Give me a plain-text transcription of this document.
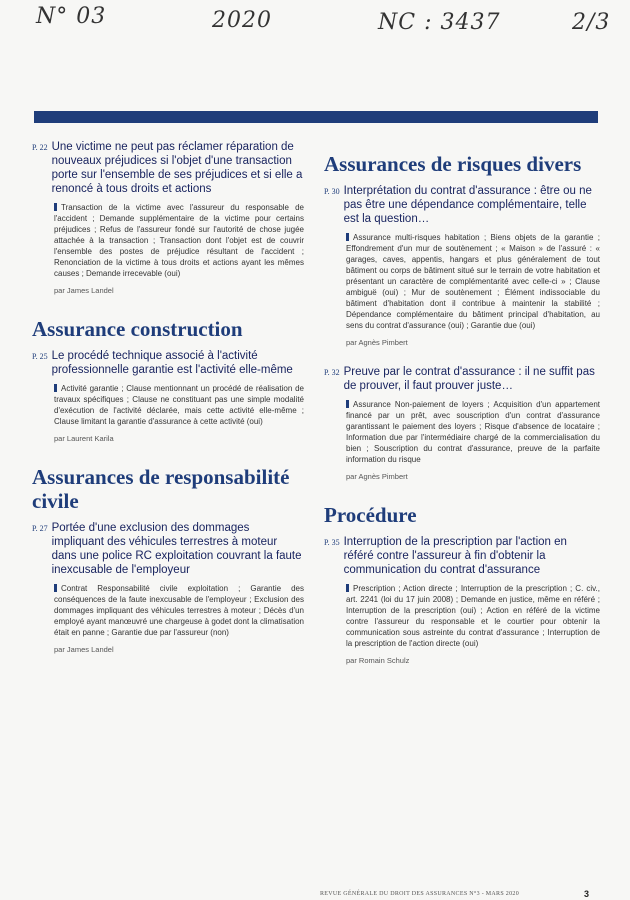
N° 03	2020	NC : 3437	2/3
P. 22 Une victime ne peut pas réclamer réparation de nouveaux préjudices si l'objet d'une transaction porte sur l'ensemble de ses préjudices et si elle a renoncé à tous droits et actions
Transaction de la victime avec l'assureur du responsable de l'accident ; Demande supplémentaire de la victime pour certains préjudices ; Refus de l'assureur fondé sur l'autorité de chose jugée attachée à la transaction ; Transaction dont l'objet est de couvrir l'ensemble des postes de préjudice résultant de l'accident ; Renonciation de la victime à tous droits et actions ayant les mêmes causes ; Demande irrecevable (oui)
par James Landel
Assurance construction
P. 25 Le procédé technique associé à l'activité professionnelle garantie est l'activité elle-même
Activité garantie ; Clause mentionnant un procédé de réalisation de travaux spécifiques ; Clause ne constituant pas une simple modalité d'exécution de l'activité déclarée, mais cette activité elle-même ; Clause limitant la garantie d'assurance à cette activité (oui)
par Laurent Karila
Assurances de responsabilité civile
P. 27 Portée d'une exclusion des dommages impliquant des véhicules terrestres à moteur dans une police RC exploitation couvrant la faute inexcusable de l'employeur
Contrat Responsabilité civile exploitation ; Garantie des conséquences de la faute inexcusable de l'employeur ; Exclusion des dommages impliquant des véhicules terrestres à moteur ; Décès d'un employé ayant manœuvré une chargeuse à godet dont la climatisation était en panne ; Garantie due par l'assureur (non)
par James Landel
Assurances de risques divers
P. 30 Interprétation du contrat d'assurance : être ou ne pas être une dépendance complémentaire, telle est la question…
Assurance multi-risques habitation ; Biens objets de la garantie ; Effondrement d'un mur de soutènement ; « Maison » de l'assuré : « garages, caves, appentis, hangars et plus généralement de tout bâtiment ou corps de bâtiment situé sur le terrain de votre habitation et présentant un caractère de complémentarité avec celle-ci » ; Clause ambiguë (oui) ; Mur de soutènement ; Élément indissociable du bâtiment d'habitation dont il contribue à maintenir la stabilité ; Dépendance complémentaire du bâtiment principal d'habitation, au sens du contrat d'assurance (oui) ; Garantie due (oui)
par Agnès Pimbert
P. 32 Preuve par le contrat d'assurance : il ne suffit pas de prouver, il faut prouver juste…
Assurance Non-paiement de loyers ; Acquisition d'un appartement financé par un prêt, avec souscription d'un contrat d'assurance garantissant le paiement des loyers ; Risque d'absence de locataire ; Information due par l'intermédiaire chargé de la commercialisation du bien ; Souscription du contrat d'assurance, preuve de la parfaite information du risque
par Agnès Pimbert
Procédure
P. 35 Interruption de la prescription par l'action en référé contre l'assureur à fin d'obtenir la communication du contrat d'assurance
Prescription ; Action directe ; Interruption de la prescription ; C. civ., art. 2241 (loi du 17 juin 2008) ; Demande en justice, même en référé ; Interruption de la prescription (oui) ; Action en référé de la victime contre l'assureur du responsable et le courtier pour obtenir la communication sous astreinte du contrat d'assurance ; Interruption de la prescription de l'action directe (oui)
par Romain Schulz
REVUE GÉNÉRALE DU DROIT DES ASSURANCES N°3 - MARS 2020	3
